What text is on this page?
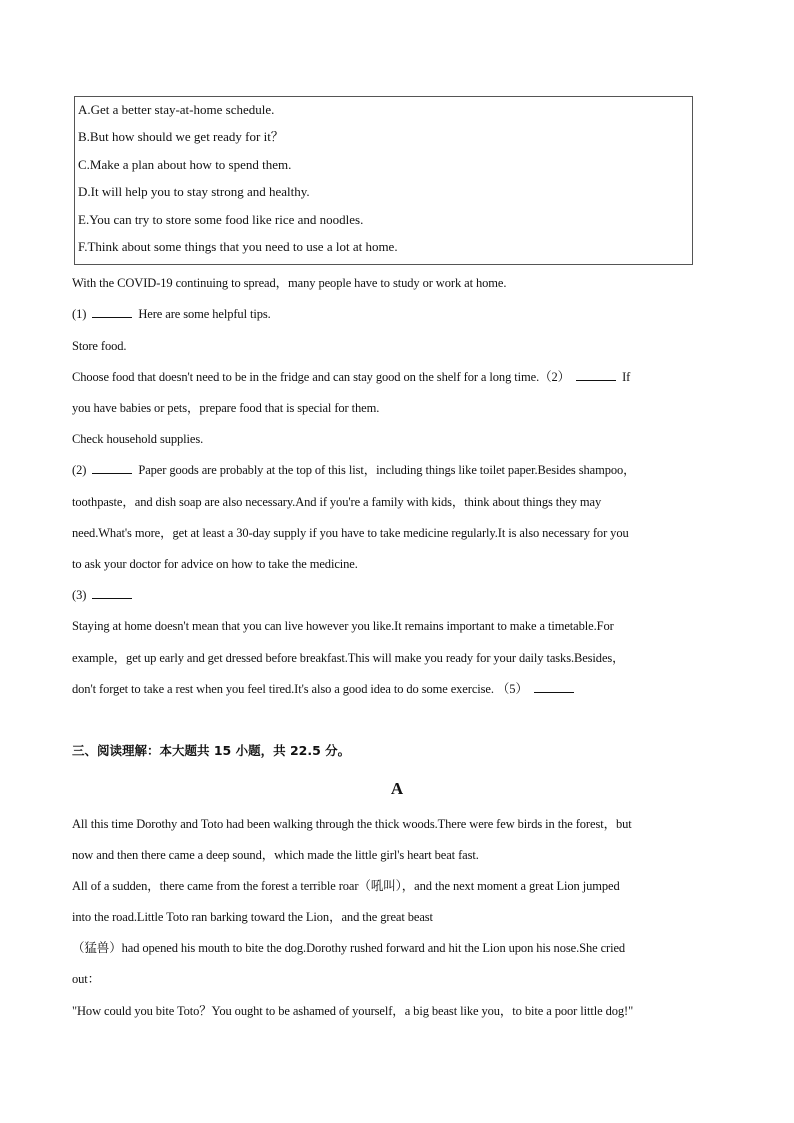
A.Get a better stay-at-home schedule.
B.But how should we get ready for it？
C.Make a plan about how to spend them.
D.It will help you to stay strong and healthy.
E.You can try to store some food like rice and noodles.
F.Think about some things that you need to use a lot at home.
With the COVID-19 continuing to spread，many people have to study or work at home.
(1)	Here are some helpful tips.
Store food.
Choose food that doesn't need to be in the fridge and can stay good on the shelf for a long time.（2）	If
you have babies or pets，prepare food that is special for them.
Check household supplies.
(2)	Paper goods are probably at the top of this list，including things like toilet paper.Besides shampoo，
toothpaste，and dish soap are also necessary.And if you're a family with kids，think about things they may
need.What's more，get at least a 30-day supply if you have to take medicine regularly.It is also necessary for you
to ask your doctor for advice on how to take the medicine.
(3)
Staying at home doesn't mean that you can live however you like.It remains important to make a timetable.For
example，get up early and get dressed before breakfast.This will make you ready for your daily tasks.Besides，
don't forget to take a rest when you feel tired.It's also a good idea to do some exercise. （5）
三、阅读理解：本大题共 15 小题，共 22.5 分。
A
All this time Dorothy and Toto had been walking through the thick woods.There were few birds in the forest，but
now and then there came a deep sound，which made the little girl's heart beat fast.
All of a sudden，there came from the forest a terrible roar（吼叫），and the next moment a great Lion jumped
into the road.Little Toto ran barking toward the Lion，and the great beast
（猛兽）had opened his mouth to bite the dog.Dorothy rushed forward and hit the Lion upon his nose.She cried
out：
"How could you bite Toto？You ought to be ashamed of yourself，a big beast like you，to bite a poor little dog!"
